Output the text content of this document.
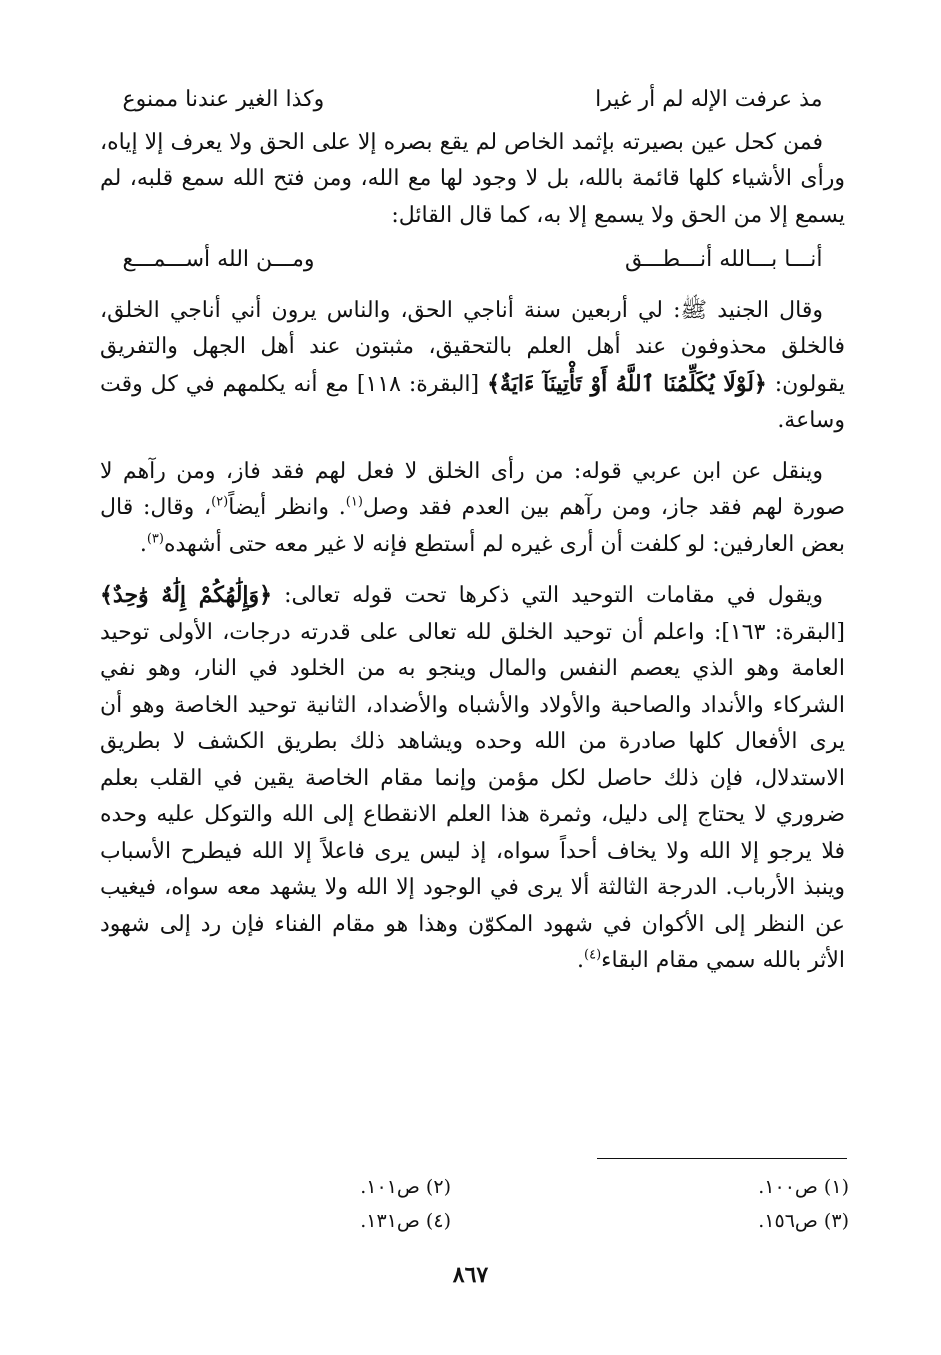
مذ عرفت الإله لم أر غيرا
وكذا الغير عندنا ممنوع

فمن كحل عين بصيرته بإثمد الخاص لم يقع بصره إلا على الحق ولا يعرف إلا إياه، ورأى الأشياء كلها قائمة بالله، بل لا وجود لها مع الله، ومن فتح الله سمع قلبه، لم يسمع إلا من الحق ولا يسمع إلا به، كما قال القائل:

أنـــا بـــالله أنـــطـــق
ومـــن الله أســـمـــع

وقال الجنيد ﷺ: لي أربعين سنة أناجي الحق، والناس يرون أني أناجي الخلق، فالخلق محذوفون عند أهل العلم بالتحقيق، مثبتون عند أهل الجهل والتفريق يقولون: ﴿لَوْلَا يُكَلِّمُنَا ٱللَّهُ أَوْ تَأْتِينَآ ءَايَةٌ﴾ [البقرة: ١١٨] مع أنه يكلمهم في كل وقت وساعة.

وينقل عن ابن عربي قوله: من رأى الخلق لا فعل لهم فقد فاز، ومن رآهم لا صورة لهم فقد جاز، ومن رآهم بين العدم فقد وصل$^{(١)}$. وانظر أيضاً$^{(٢)}$، وقال: قال بعض العارفين: لو كلفت أن أرى غيره لم أستطع فإنه لا غير معه حتى أشهده$^{(٣)}$.

ويقول في مقامات التوحيد التي ذكرها تحت قوله تعالى: ﴿وَإِلَٰهُكُمْ إِلَٰهٌ وَٰحِدٌ﴾ [البقرة: ١٦٣]: واعلم أن توحيد الخلق لله تعالى على قدرته درجات، الأولى توحيد العامة وهو الذي يعصم النفس والمال وينجو به من الخلود في النار، وهو نفي الشركاء والأنداد والصاحبة والأولاد والأشباه والأضداد، الثانية توحيد الخاصة وهو أن يرى الأفعال كلها صادرة من الله وحده ويشاهد ذلك بطريق الكشف لا بطريق الاستدلال، فإن ذلك حاصل لكل مؤمن وإنما مقام الخاصة يقين في القلب بعلم ضروري لا يحتاج إلى دليل، وثمرة هذا العلم الانقطاع إلى الله والتوكل عليه وحده فلا يرجو إلا الله ولا يخاف أحداً سواه، إذ ليس يرى فاعلاً إلا الله فيطرح الأسباب وينبذ الأرباب. الدرجة الثالثة ألا يرى في الوجود إلا الله ولا يشهد معه سواه، فيغيب عن النظر إلى الأكوان في شهود المكوّن وهذا هو مقام الفناء فإن رد إلى شهود الأثر بالله سمي مقام البقاء$^{(٤)}$.

(١) ص١٠٠.
(٢) ص١٠١.
(٣) ص١٥٦.
(٤) ص١٣١.
٨٦٧
